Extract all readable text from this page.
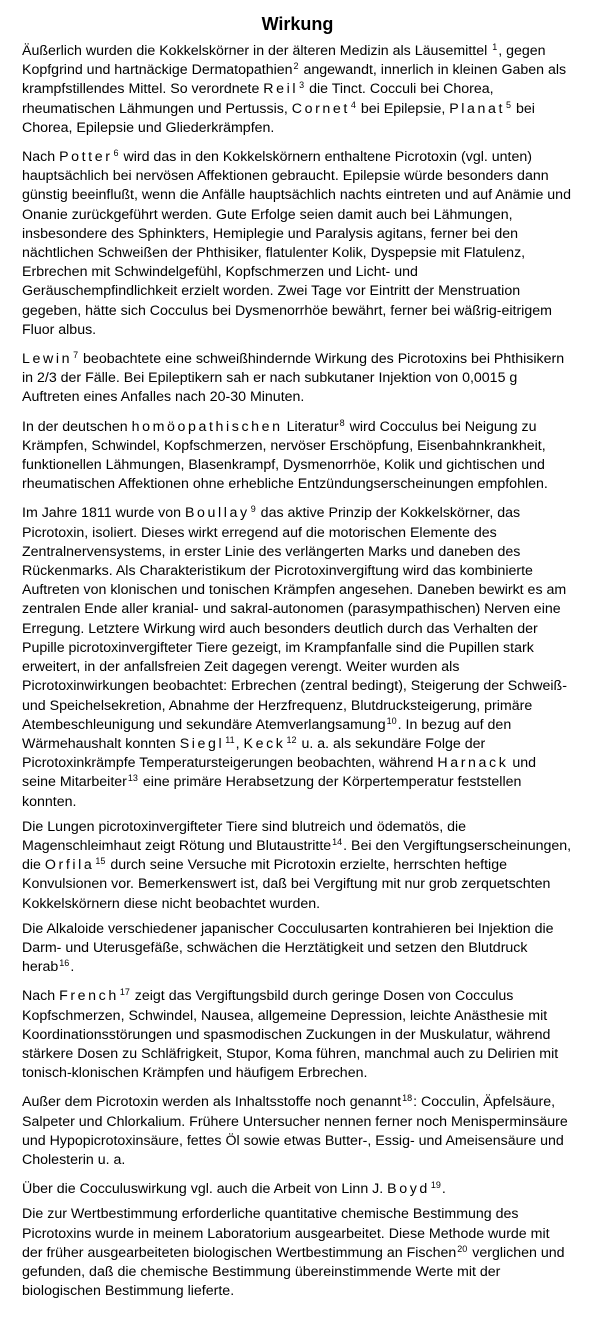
Wirkung

Äußerlich wurden die Kokkelskörner in der älteren Medizin als Läusemittel $^1$, gegen Kopfgrind und hartnäckige Dermatopathien$^2$ angewandt, innerlich in kleinen Gaben als krampfstillendes Mittel. So verordnete Reil$^3$ die Tinct. Cocculi bei Chorea, rheumatischen Lähmungen und Pertussis, Cornet$^4$ bei Epilepsie, Planat$^5$ bei Chorea, Epilepsie und Gliederkrämpfen.

Nach Potter$^6$ wird das in den Kokkelskörnern enthaltene Picrotoxin (vgl. unten) hauptsächlich bei nervösen Affektionen gebraucht. Epilepsie würde besonders dann günstig beeinflußt, wenn die Anfälle hauptsächlich nachts eintreten und auf Anämie und Onanie zurückgeführt werden. Gute Erfolge seien damit auch bei Lähmungen, insbesondere des Sphinkters, Hemiplegie und Paralysis agitans, ferner bei den nächtlichen Schweißen der Phthisiker, flatulenter Kolik, Dyspepsie mit Flatulenz, Erbrechen mit Schwindelgefühl, Kopfschmerzen und Licht- und Geräuschempfindlichkeit erzielt worden. Zwei Tage vor Eintritt der Menstruation gegeben, hätte sich Cocculus bei Dysmenorrhöe bewährt, ferner bei wäßrig-eitrigem Fluor albus.

Lewin$^7$ beobachtete eine schweißhindernde Wirkung des Picrotoxins bei Phthisikern in 2/3 der Fälle. Bei Epileptikern sah er nach subkutaner Injektion von 0,0015 g Auftreten eines Anfalles nach 20-30 Minuten.

In der deutschen homöopathischen Literatur$^8$ wird Cocculus bei Neigung zu Krämpfen, Schwindel, Kopfschmerzen, nervöser Erschöpfung, Eisenbahnkrankheit, funktionellen Lähmungen, Blasenkrampf, Dysmenorrhöe, Kolik und gichtischen und rheumatischen Affektionen ohne erhebliche Entzündungserscheinungen empfohlen.

Im Jahre 1811 wurde von Boullay$^9$ das aktive Prinzip der Kokkelskörner, das Picrotoxin, isoliert. Dieses wirkt erregend auf die motorischen Elemente des Zentralnervensystems, in erster Linie des verlängerten Marks und daneben des Rückenmarks. Als Charakteristikum der Picrotoxinvergiftung wird das kombinierte Auftreten von klonischen und tonischen Krämpfen angesehen. Daneben bewirkt es am zentralen Ende aller kranial- und sakral-autonomen (parasympathischen) Nerven eine Erregung. Letztere Wirkung wird auch besonders deutlich durch das Verhalten der Pupille picrotoxinvergifteter Tiere gezeigt, im Krampfanfalle sind die Pupillen stark erweitert, in der anfallsfreien Zeit dagegen verengt. Weiter wurden als Picrotoxinwirkungen beobachtet: Erbrechen (zentral bedingt), Steigerung der Schweiß- und Speichelsekretion, Abnahme der Herzfrequenz, Blutdrucksteigerung, primäre Atembeschleunigung und sekundäre Atemverlangsamung$^{10}$. In bezug auf den Wärmehaushalt konnten Siegl$^{11}$, Keck$^{12}$ u. a. als sekundäre Folge der Picrotoxinkrämpfe Temperatursteigerungen beobachten, während Harnack und seine Mitarbeiter$^{13}$ eine primäre Herabsetzung der Körpertemperatur feststellen konnten.

Die Lungen picrotoxinvergifteter Tiere sind blutreich und ödematös, die Magenschleimhaut zeigt Rötung und Blutaustritte$^{14}$. Bei den Vergiftungserscheinungen, die Orfila$^{15}$ durch seine Versuche mit Picrotoxin erzielte, herrschten heftige Konvulsionen vor. Bemerkenswert ist, daß bei Vergiftung mit nur grob zerquetschten Kokkelskörnern diese nicht beobachtet wurden.

Die Alkaloide verschiedener japanischer Cocculusarten kontrahieren bei Injektion die Darm- und Uterusgefäße, schwächen die Herztätigkeit und setzen den Blutdruck herab$^{16}$.

Nach French$^{17}$ zeigt das Vergiftungsbild durch geringe Dosen von Cocculus Kopfschmerzen, Schwindel, Nausea, allgemeine Depression, leichte Anästhesie mit Koordinationsstörungen und spasmodischen Zuckungen in der Muskulatur, während stärkere Dosen zu Schläfrigkeit, Stupor, Koma führen, manchmal auch zu Delirien mit tonisch-klonischen Krämpfen und häufigem Erbrechen.

Außer dem Picrotoxin werden als Inhaltsstoffe noch genannt$^{18}$: Cocculin, Äpfelsäure, Salpeter und Chlorkalium. Frühere Untersucher nennen ferner noch Menisperminsäure und Hypopicrotoxinsäure, fettes Öl sowie etwas Butter-, Essig- und Ameisensäure und Cholesterin u. a.

Über die Cocculuswirkung vgl. auch die Arbeit von Linn J. Boyd$^{19}$.

Die zur Wertbestimmung erforderliche quantitative chemische Bestimmung des Picrotoxins wurde in meinem Laboratorium ausgearbeitet. Diese Methode wurde mit der früher ausgearbeiteten biologischen Wertbestimmung an Fischen$^{20}$ verglichen und gefunden, daß die chemische Bestimmung übereinstimmende Werte mit der biologischen Bestimmung lieferte.
